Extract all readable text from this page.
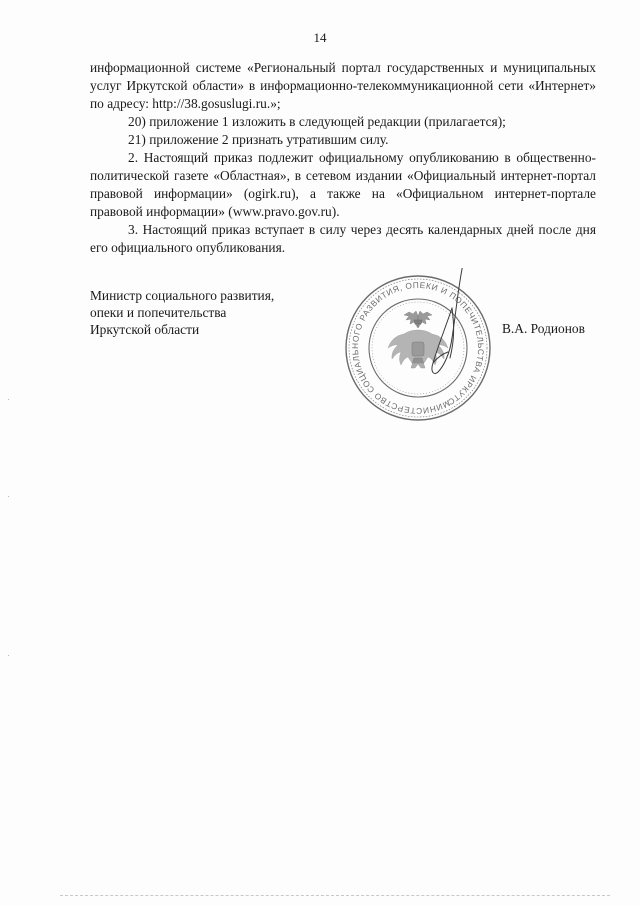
14

информационной системе «Региональный портал государственных и муниципальных услуг Иркутской области» в информационно-телекоммуникационной сети «Интернет» по адресу: http://38.gosuslugi.ru.»;

20) приложение 1 изложить в следующей редакции (прилагается);

21) приложение 2 признать утратившим силу.

2. Настоящий приказ подлежит официальному опубликованию в общественно-политической газете «Областная», в сетевом издании «Официальный интернет-портал правовой информации» (ogirk.ru), а также на «Официальном интернет-портале правовой информации» (www.pravo.gov.ru).

3. Настоящий приказ вступает в силу через десять календарных дней после дня его официального опубликования.

Министр социального развития,
опеки и попечительства
Иркутской области
МИНИСТЕРСТВО СОЦИАЛЬНОГО РАЗВИТИЯ, ОПЕКИ И ПОПЕЧИТЕЛЬСТВА ИРКУТСКОЙ
В.А. Родионов
